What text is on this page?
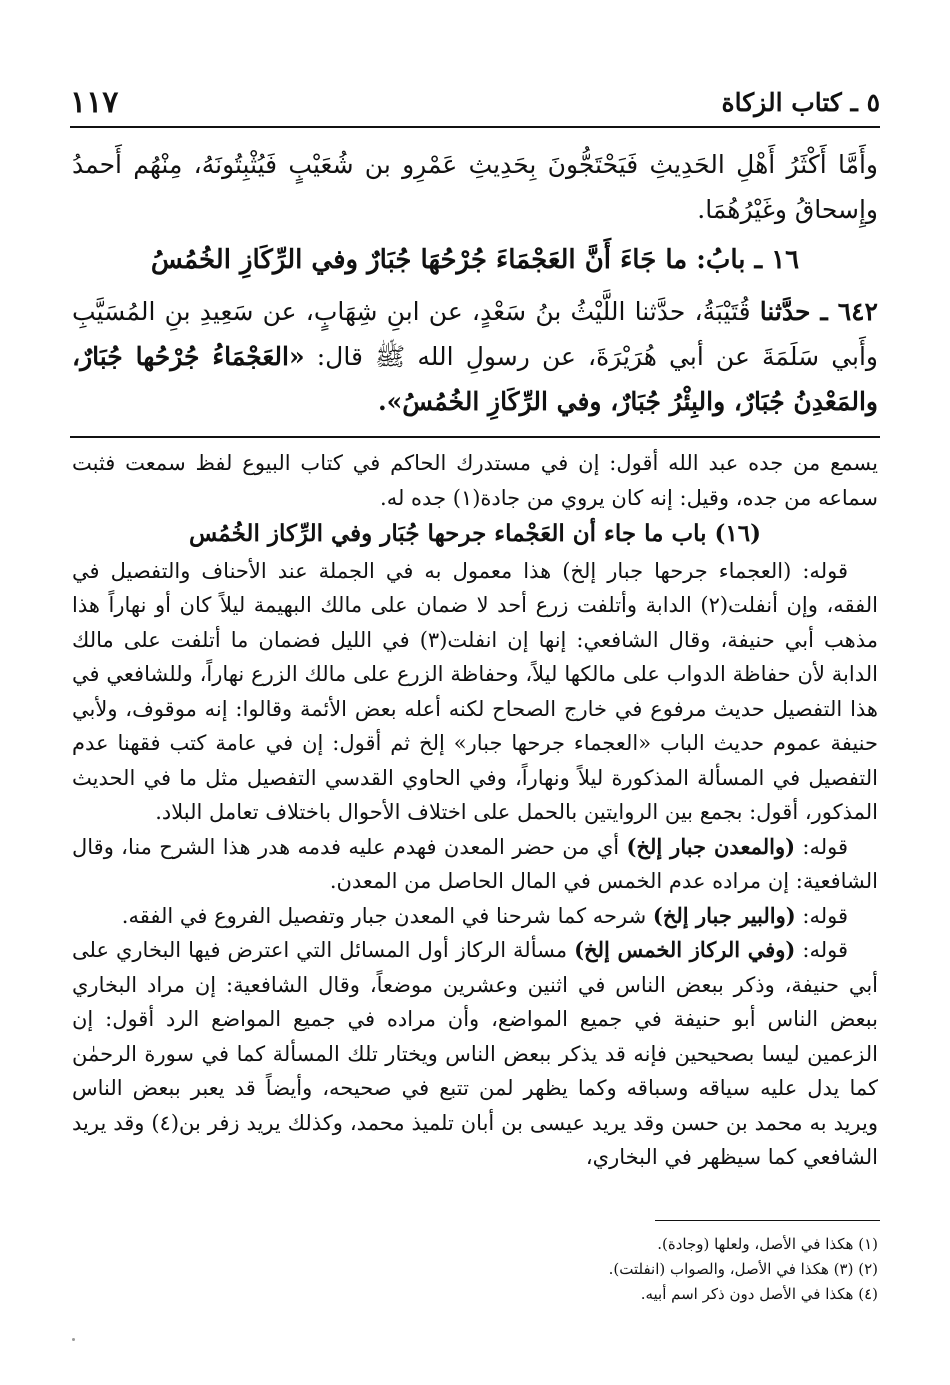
٥ ـ كتاب الزكاة
١١٧

وأَمَّا أَكْثَرُ أَهْلِ الحَدِيثِ فَيَحْتَجُّونَ بِحَدِيثِ عَمْرِو بن شُعَيْبٍ فَيُثْبِتُونَهُ، مِنْهُم أَحمدُ وإِسحاقُ وغَيْرُهُمَا.

١٦ ـ بابُ: ما جَاءَ أَنَّ العَجْمَاءَ جُرْحُهَا جُبَارٌ وفي الرِّكَازِ الخُمُسُ

٦٤٢ ـ حدَّثنا قُتَيْبَةُ، حدَّثنا اللَّيْثُ بنُ سَعْدٍ، عن ابنِ شِهَابٍ، عن سَعِيدِ بنِ المُسَيَّبِ وأَبي سَلَمَةَ عن أبي هُرَيْرَةَ، عن رسولِ الله ﷺ قال: «العَجْمَاءُ جُرْحُها جُبَارٌ، والمَعْدِنُ جُبَارٌ، والبِئْرُ جُبَارٌ، وفي الرِّكَازِ الخُمُسُ».

يسمع من جده عبد الله أقول: إن في مستدرك الحاكم في كتاب البيوع لفظ سمعت فثبت سماعه من جده، وقيل: إنه كان يروي من جادة(١) جده له.

(١٦) باب ما جاء أن العَجْماء جرحها جُبَار وفي الرِّكاز الخُمُس

قوله: (العجماء جرحها جبار إلخ) هذا معمول به في الجملة عند الأحناف والتفصيل في الفقه، وإن أنفلت(٢) الدابة وأتلفت زرع أحد لا ضمان على مالك البهيمة ليلاً كان أو نهاراً هذا مذهب أبي حنيفة، وقال الشافعي: إنها إن انفلت(٣) في الليل فضمان ما أتلفت على مالك الدابة لأن حفاظة الدواب على مالكها ليلاً، وحفاظة الزرع على مالك الزرع نهاراً، وللشافعي في هذا التفصيل حديث مرفوع في خارج الصحاح لكنه أعله بعض الأئمة وقالوا: إنه موقوف، ولأبي حنيفة عموم حديث الباب «العجماء جرحها جبار» إلخ ثم أقول: إن في عامة كتب فقهنا عدم التفصيل في المسألة المذكورة ليلاً ونهاراً، وفي الحاوي القدسي التفصيل مثل ما في الحديث المذكور، أقول: بجمع بين الروايتين بالحمل على اختلاف الأحوال باختلاف تعامل البلاد.

قوله: (والمعدن جبار إلخ) أي من حضر المعدن فهدم عليه فدمه هدر هذا الشرح منا، وقال الشافعية: إن مراده عدم الخمس في المال الحاصل من المعدن.

قوله: (والبير جبار إلخ) شرحه كما شرحنا في المعدن جبار وتفصيل الفروع في الفقه.

قوله: (وفي الركاز الخمس إلخ) مسألة الركاز أول المسائل التي اعترض فيها البخاري على أبي حنيفة، وذكر ببعض الناس في اثنين وعشرين موضعاً، وقال الشافعية: إن مراد البخاري ببعض الناس أبو حنيفة في جميع المواضع، وأن مراده في جميع المواضع الرد أقول: إن الزعمين ليسا بصحيحين فإنه قد يذكر ببعض الناس ويختار تلك المسألة كما في سورة الرحمٰن كما يدل عليه سياقه وسباقه وكما يظهر لمن تتبع في صحيحه، وأيضاً قد يعبر ببعض الناس ويريد به محمد بن حسن وقد يريد عيسى بن أبان تلميذ محمد، وكذلك يريد زفر بن(٤) وقد يريد الشافعي كما سيظهر في البخاري،

(١) هكذا في الأصل، ولعلها (وجادة).
(٢) (٣) هكذا في الأصل، والصواب (انفلتت).
(٤) هكذا في الأصل دون ذكر اسم أبيه.
